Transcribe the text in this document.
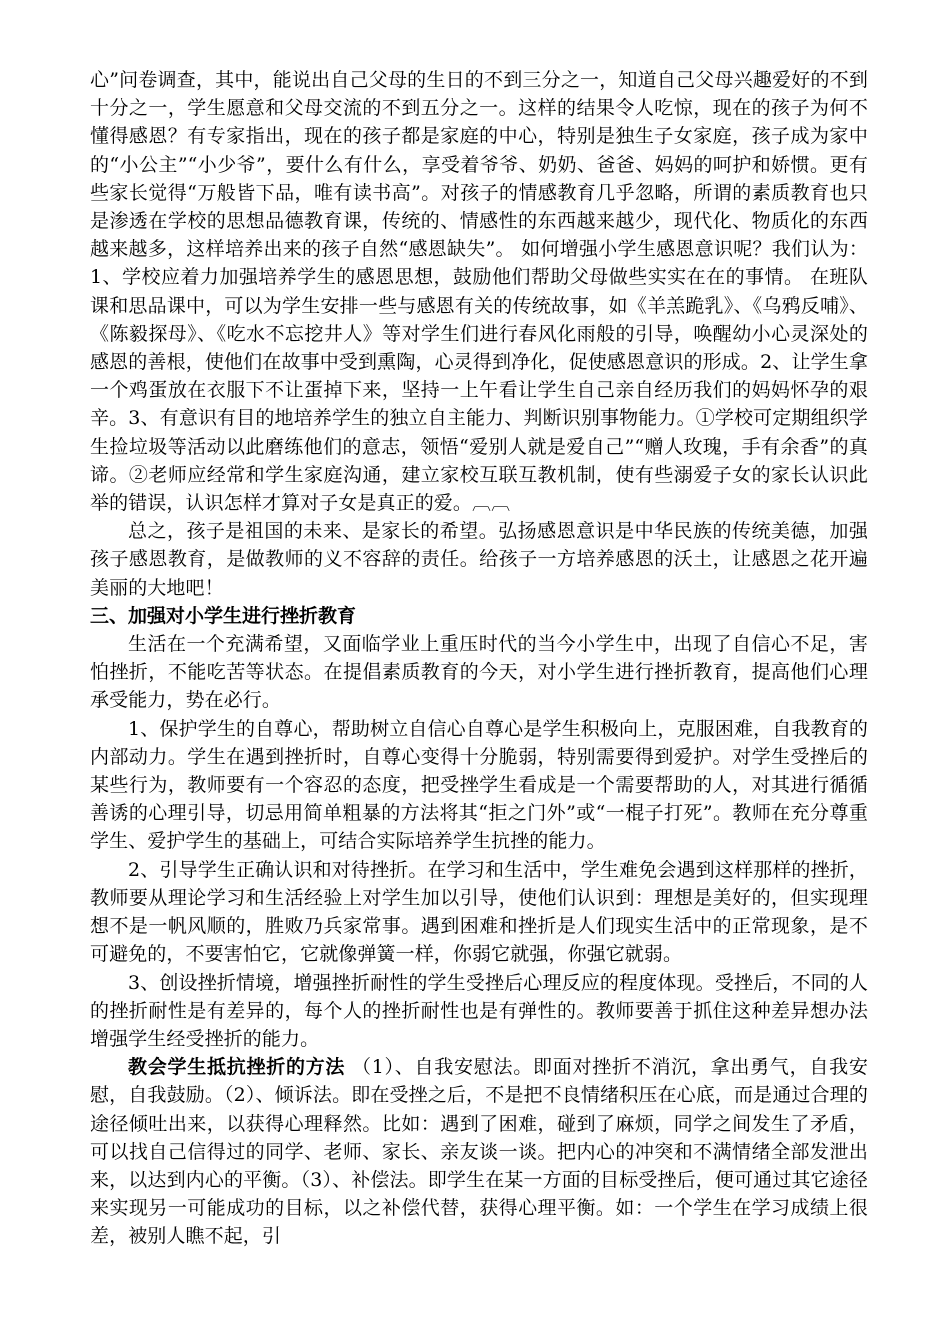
心”问卷调查，其中，能说出自己父母的生日的不到三分之一，知道自己父母兴趣爱好的不到十分之一，学生愿意和父母交流的不到五分之一。这样的结果令人吃惊，现在的孩子为何不懂得感恩？有专家指出，现在的孩子都是家庭的中心，特别是独生子女家庭，孩子成为家中的“小公主”“小少爷”，要什么有什么，享受着爷爷、奶奶、爸爸、妈妈的呵护和娇惯。更有些家长觉得“万般皆下品，唯有读书高”。对孩子的情感教育几乎忽略，所谓的素质教育也只是渗透在学校的思想品德教育课，传统的、情感性的东西越来越少，现代化、物质化的东西越来越多，这样培养出来的孩子自然“感恩缺失”。 如何增强小学生感恩意识呢？我们认为：1、学校应着力加强培养学生的感恩思想，鼓励他们帮助父母做些实实在在的事情。 在班队课和思品课中，可以为学生安排一些与感恩有关的传统故事，如《羊羔跪乳》、《乌鸦反哺》、《陈毅探母》、《吃水不忘挖井人》等对学生们进行春风化雨般的引导，唤醒幼小心灵深处的感恩的善根，使他们在故事中受到熏陶，心灵得到净化，促使感恩意识的形成。2、让学生拿一个鸡蛋放在衣服下不让蛋掉下来，坚持一上午看让学生自己亲自经历我们的妈妈怀孕的艰辛。3、有意识有目的地培养学生的独立自主能力、判断识别事物能力。①学校可定期组织学生捡垃圾等活动以此磨练他们的意志，领悟“爱别人就是爱自己”“赠人玫瑰，手有余香”的真谛。②老师应经常和学生家庭沟通，建立家校互联互教机制，使有些溺爱子女的家长认识此举的错误，认识怎样才算对子女是真正的爱。︹︹

总之，孩子是祖国的未来、是家长的希望。弘扬感恩意识是中华民族的传统美德，加强孩子感恩教育，是做教师的义不容辞的责任。给孩子一方培养感恩的沃土，让感恩之花开遍美丽的大地吧！

三、加强对小学生进行挫折教育

生活在一个充满希望，又面临学业上重压时代的当今小学生中，出现了自信心不足，害怕挫折，不能吃苦等状态。在提倡素质教育的今天，对小学生进行挫折教育，提高他们心理承受能力，势在必行。

1、保护学生的自尊心，帮助树立自信心自尊心是学生积极向上，克服困难，自我教育的内部动力。学生在遇到挫折时，自尊心变得十分脆弱，特别需要得到爱护。对学生受挫后的某些行为，教师要有一个容忍的态度，把受挫学生看成是一个需要帮助的人，对其进行循循善诱的心理引导，切忌用简单粗暴的方法将其“拒之门外”或“一棍子打死”。教师在充分尊重学生、爱护学生的基础上，可结合实际培养学生抗挫的能力。

2、引导学生正确认识和对待挫折。在学习和生活中，学生难免会遇到这样那样的挫折，教师要从理论学习和生活经验上对学生加以引导，使他们认识到：理想是美好的，但实现理想不是一帆风顺的，胜败乃兵家常事。遇到困难和挫折是人们现实生活中的正常现象，是不可避免的，不要害怕它，它就像弹簧一样，你弱它就强，你强它就弱。

3、创设挫折情境，增强挫折耐性的学生受挫后心理反应的程度体现。受挫后，不同的人的挫折耐性是有差异的，每个人的挫折耐性也是有弹性的。教师要善于抓住这种差异想办法增强学生经受挫折的能力。

教会学生抵抗挫折的方法 （1）、自我安慰法。即面对挫折不消沉，拿出勇气，自我安慰，自我鼓励。（2）、倾诉法。即在受挫之后，不是把不良情绪积压在心底，而是通过合理的途径倾吐出来，以获得心理释然。比如：遇到了困难，碰到了麻烦，同学之间发生了矛盾，可以找自己信得过的同学、老师、家长、亲友谈一谈。把内心的冲突和不满情绪全部发泄出来，以达到内心的平衡。（3）、补偿法。即学生在某一方面的目标受挫后，便可通过其它途径来实现另一可能成功的目标，以之补偿代替，获得心理平衡。如：一个学生在学习成绩上很差，被别人瞧不起，引
